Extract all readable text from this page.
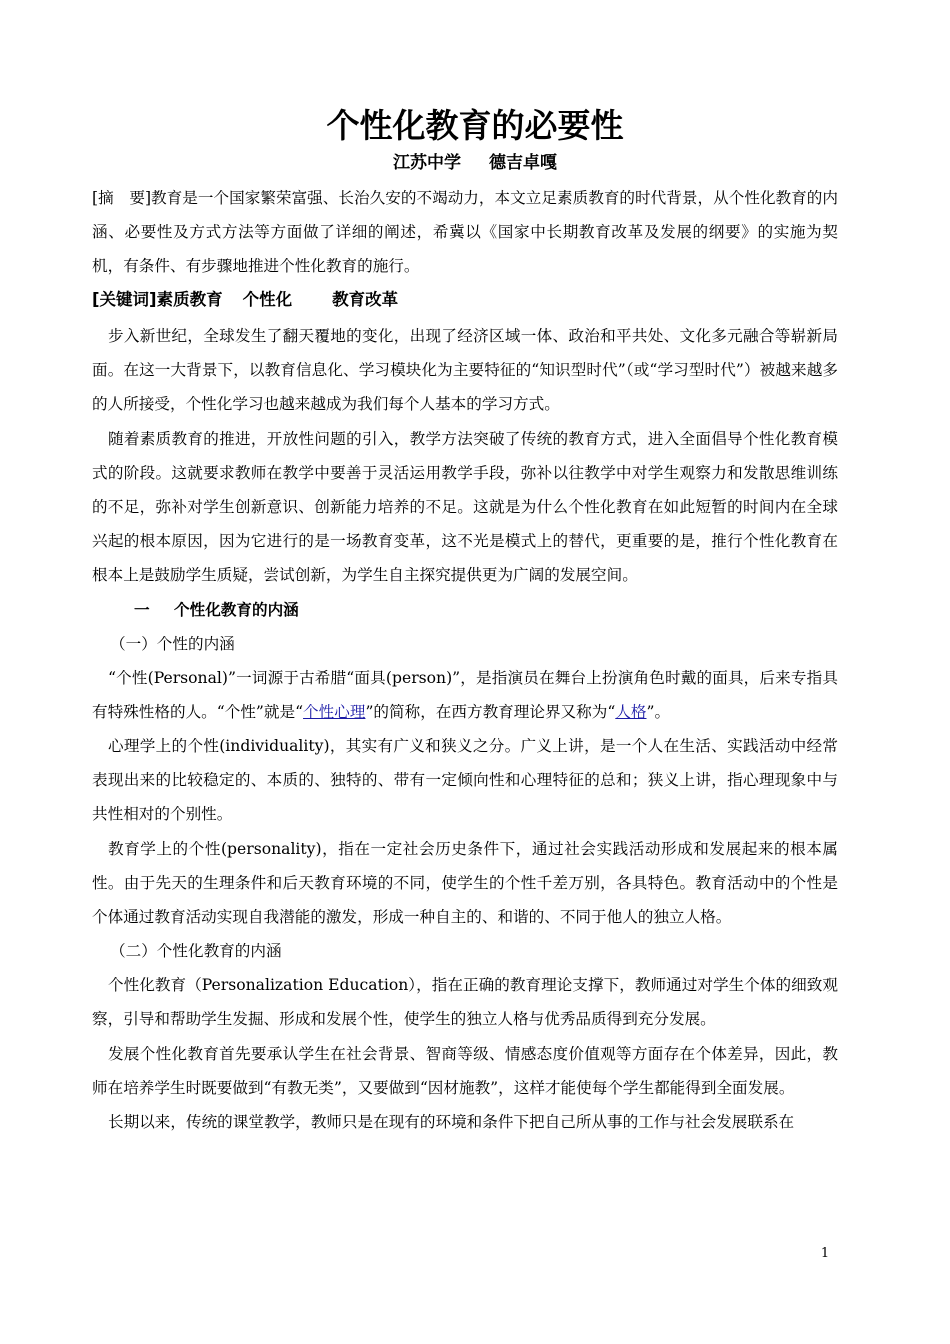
个性化教育的必要性
江苏中学 德吉卓嘎

[摘　要]教育是一个国家繁荣富强、长治久安的不竭动力，本文立足素质教育的时代背景，从个性化教育的内涵、必要性及方式方法等方面做了详细的阐述，希冀以《国家中长期教育改革及发展的纲要》的实施为契机，有条件、有步骤地推进个性化教育的施行。

[关键词]素质教育 个性化 教育改革

步入新世纪，全球发生了翻天覆地的变化，出现了经济区域一体、政治和平共处、文化多元融合等崭新局面。在这一大背景下，以教育信息化、学习模块化为主要特征的“知识型时代”（或“学习型时代”）被越来越多的人所接受，个性化学习也越来越成为我们每个人基本的学习方式。

随着素质教育的推进，开放性问题的引入，教学方法突破了传统的教育方式，进入全面倡导个性化教育模式的阶段。这就要求教师在教学中要善于灵活运用教学手段，弥补以往教学中对学生观察力和发散思维训练的不足，弥补对学生创新意识、创新能力培养的不足。这就是为什么个性化教育在如此短暂的时间内在全球兴起的根本原因，因为它进行的是一场教育变革，这不光是模式上的替代，更重要的是，推行个性化教育在根本上是鼓励学生质疑，尝试创新，为学生自主探究提供更为广阔的发展空间。

一 个性化教育的内涵

（一）个性的内涵

“个性(Personal)”一词源于古希腊“面具(person)”，是指演员在舞台上扮演角色时戴的面具，后来专指具有特殊性格的人。“个性”就是“个性心理”的简称，在西方教育理论界又称为“人格”。

心理学上的个性(individuality)，其实有广义和狭义之分。广义上讲，是一个人在生活、实践活动中经常表现出来的比较稳定的、本质的、独特的、带有一定倾向性和心理特征的总和；狭义上讲，指心理现象中与共性相对的个别性。

教育学上的个性(personality)，指在一定社会历史条件下，通过社会实践活动形成和发展起来的根本属性。由于先天的生理条件和后天教育环境的不同，使学生的个性千差万别，各具特色。教育活动中的个性是个体通过教育活动实现自我潜能的激发，形成一种自主的、和谐的、不同于他人的独立人格。

（二）个性化教育的内涵

个性化教育（Personalization Education），指在正确的教育理论支撑下，教师通过对学生个体的细致观察，引导和帮助学生发掘、形成和发展个性，使学生的独立人格与优秀品质得到充分发展。

发展个性化教育首先要承认学生在社会背景、智商等级、情感态度价值观等方面存在个体差异，因此，教师在培养学生时既要做到“有教无类”，又要做到“因材施教”，这样才能使每个学生都能得到全面发展。

长期以来，传统的课堂教学，教师只是在现有的环境和条件下把自己所从事的工作与社会发展联系在

1
